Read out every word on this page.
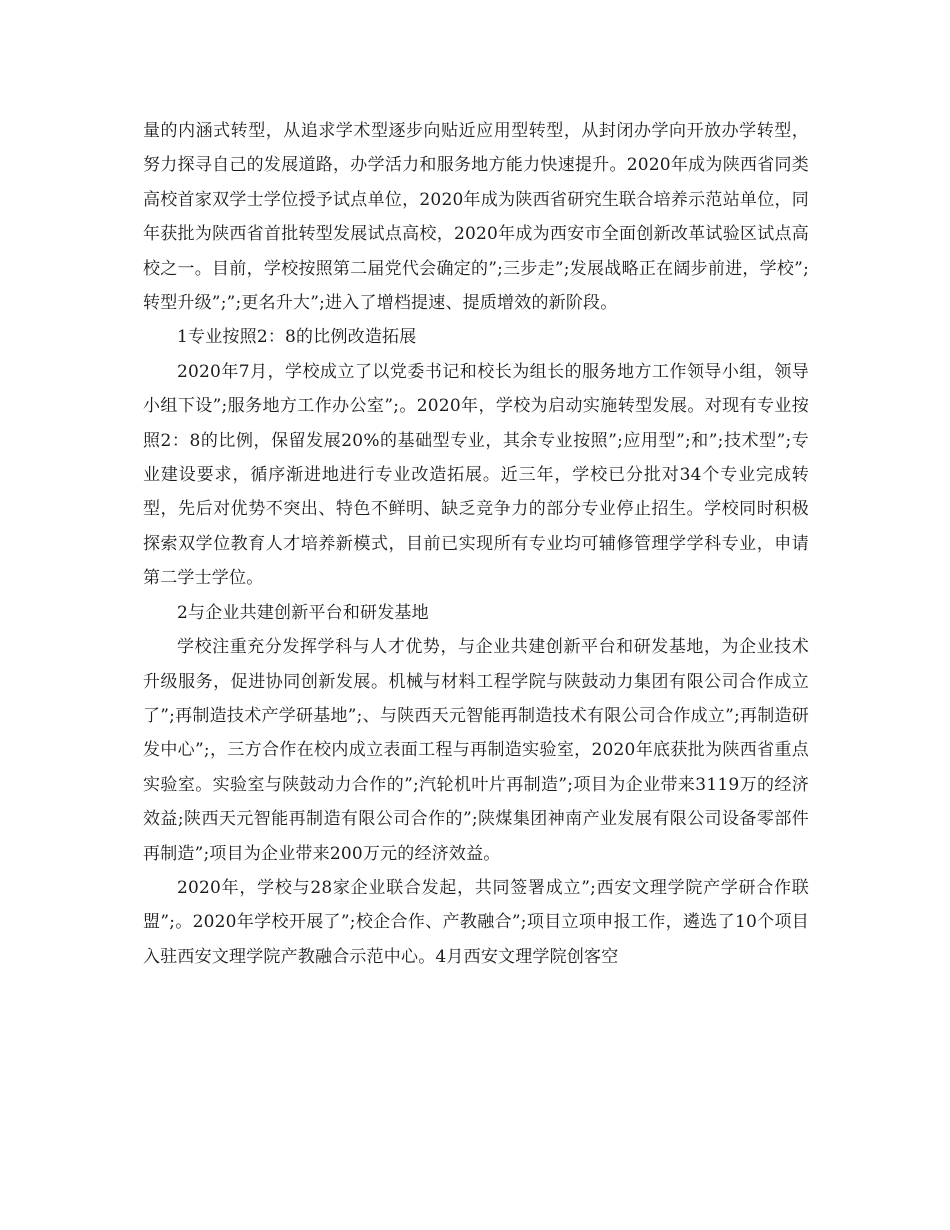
量的内涵式转型，从追求学术型逐步向贴近应用型转型，从封闭办学向开放办学转型，努力探寻自己的发展道路，办学活力和服务地方能力快速提升。2020年成为陕西省同类高校首家双学士学位授予试点单位，2020年成为陕西省研究生联合培养示范站单位，同年获批为陕西省首批转型发展试点高校，2020年成为西安市全面创新改革试验区试点高校之一。目前，学校按照第二届党代会确定的”;三步走”;发展战略正在阔步前进，学校”;转型升级”;”;更名升大”;进入了增档提速、提质增效的新阶段。

1专业按照2：8的比例改造拓展

2020年7月，学校成立了以党委书记和校长为组长的服务地方工作领导小组，领导小组下设”;服务地方工作办公室”;。2020年，学校为启动实施转型发展。对现有专业按照2：8的比例，保留发展20%的基础型专业，其余专业按照”;应用型”;和”;技术型”;专业建设要求，循序渐进地进行专业改造拓展。近三年，学校已分批对34个专业完成转型，先后对优势不突出、特色不鲜明、缺乏竞争力的部分专业停止招生。学校同时积极探索双学位教育人才培养新模式，目前已实现所有专业均可辅修管理学学科专业，申请第二学士学位。

2与企业共建创新平台和研发基地

学校注重充分发挥学科与人才优势，与企业共建创新平台和研发基地，为企业技术升级服务，促进协同创新发展。机械与材料工程学院与陕鼓动力集团有限公司合作成立了”;再制造技术产学研基地”;、与陕西天元智能再制造技术有限公司合作成立”;再制造研发中心”;，三方合作在校内成立表面工程与再制造实验室，2020年底获批为陕西省重点实验室。实验室与陕鼓动力合作的”;汽轮机叶片再制造”;项目为企业带来3119万的经济效益;陕西天元智能再制造有限公司合作的”;陕煤集团神南产业发展有限公司设备零部件再制造”;项目为企业带来200万元的经济效益。

2020年，学校与28家企业联合发起，共同签署成立”;西安文理学院产学研合作联盟”;。2020年学校开展了”;校企合作、产教融合”;项目立项申报工作，遴选了10个项目入驻西安文理学院产教融合示范中心。4月西安文理学院创客空
